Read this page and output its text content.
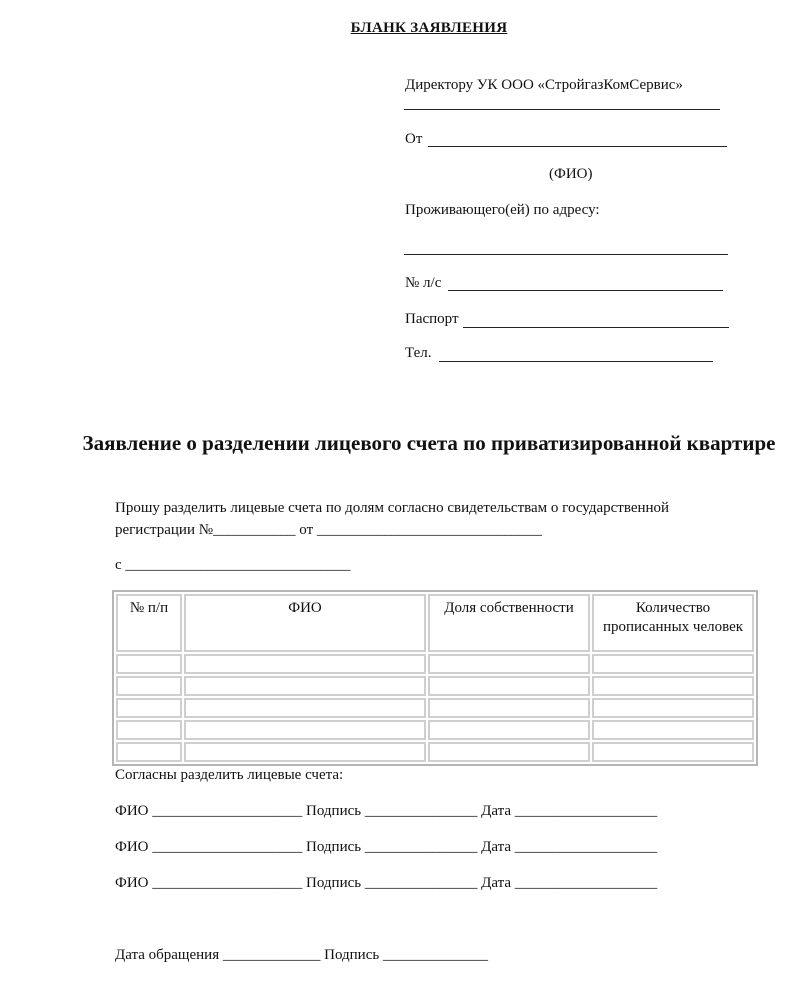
БЛАНК ЗАЯВЛЕНИЯ
Директору УК ООО «СтройгазКомСервис»
От
(ФИО)
Проживающего(ей) по адресу:
№ л/с
Паспорт
Тел.
Заявление о разделении лицевого счета по приватизированной квартире
Прошу разделить лицевые счета по долям согласно свидетельствам о государственной
регистрации №___________ от ______________________________
с ______________________________
№ п/п	ФИО	Доля собственности	Количество прописанных человек

Согласны разделить лицевые счета:
ФИО ____________________ Подпись _______________ Дата ___________________
ФИО ____________________ Подпись _______________ Дата ___________________
ФИО ____________________ Подпись _______________ Дата ___________________
Дата обращения _____________ Подпись ______________
